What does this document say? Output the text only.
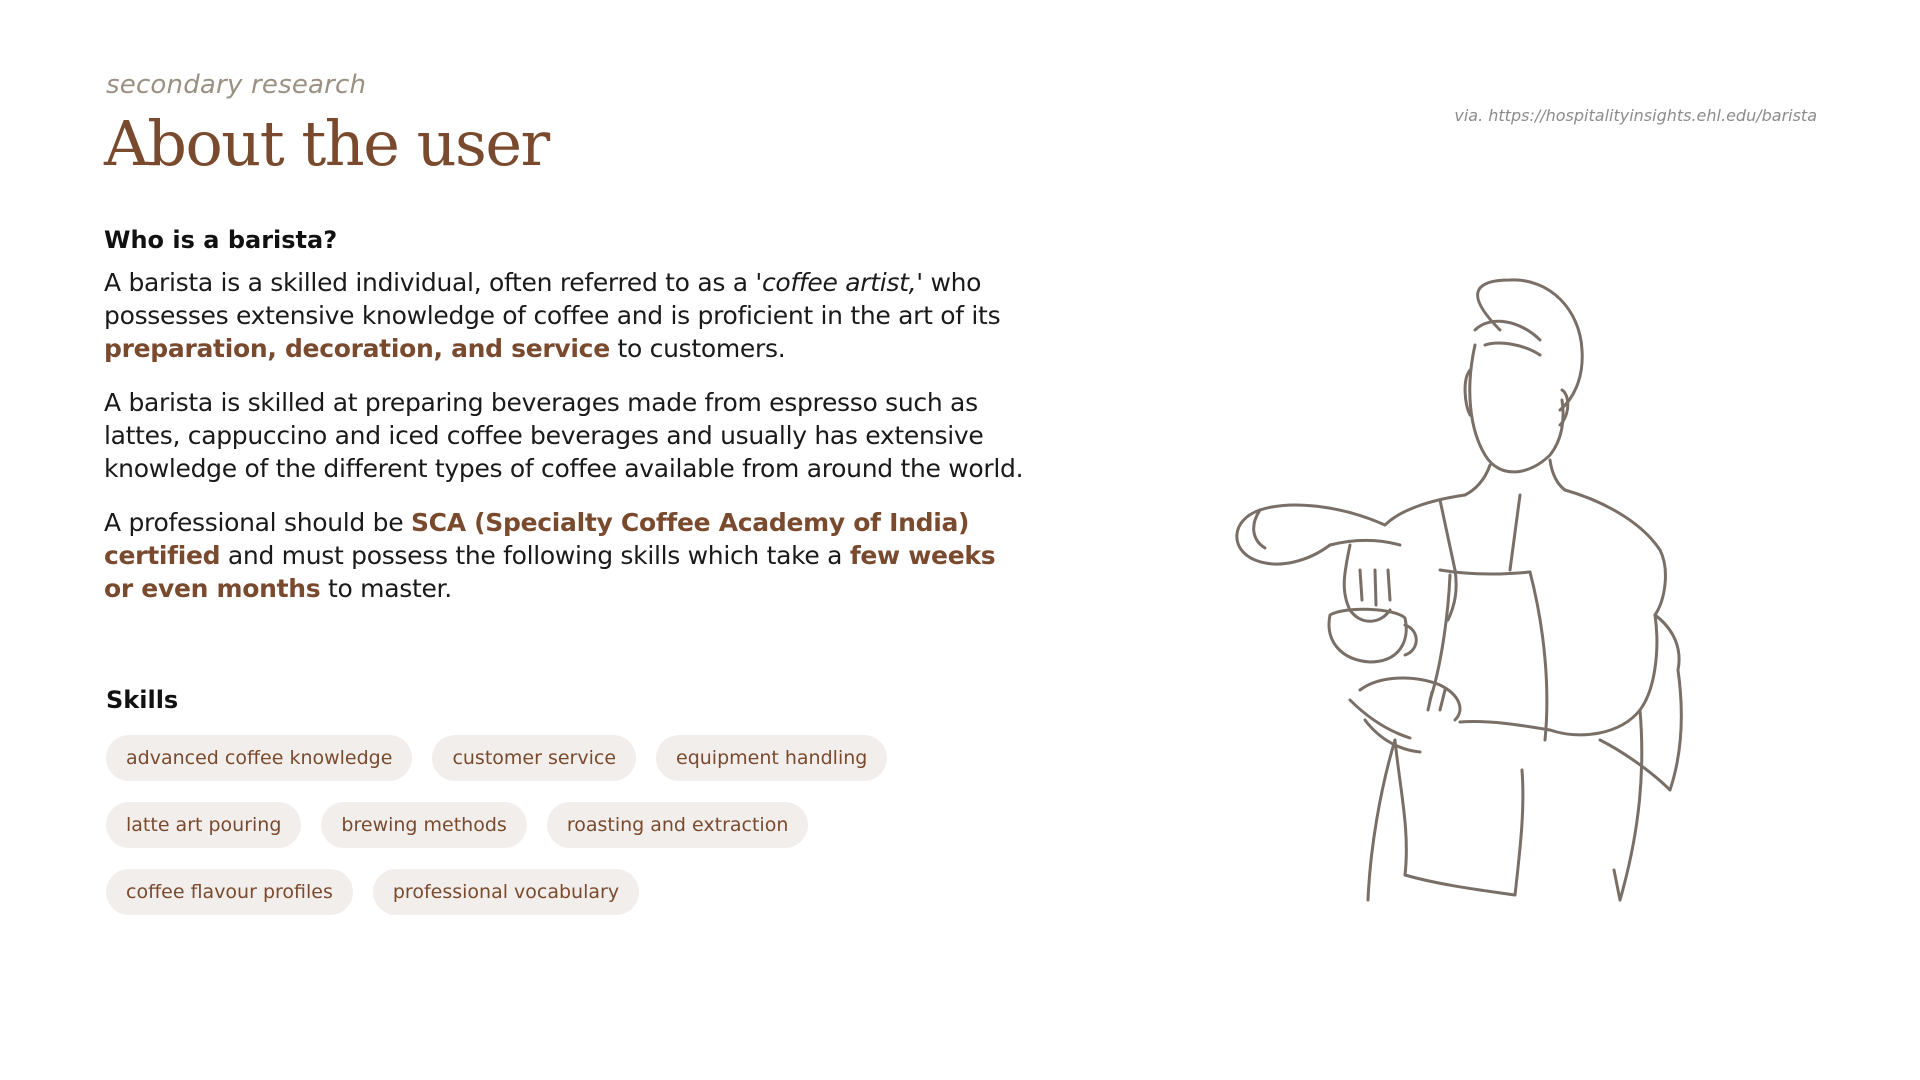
secondary research
About the user	via. https://hospitalityinsights.ehl.edu/barista
Who is a barista?

A barista is a skilled individual, often referred to as a 'coffee artist,' who possesses extensive knowledge of coffee and is proficient in the art of its preparation, decoration, and service to customers.

A barista is skilled at preparing beverages made from espresso such as lattes, cappuccino and iced coffee beverages and usually has extensive knowledge of the different types of coffee available from around the world.

A professional should be SCA (Specialty Coffee Academy of India) certified and must possess the following skills which take a few weeks or even months to master.

Skills
advanced coffee knowledge	customer service	equipment handling
latte art pouring	brewing methods	roasting and extraction
coffee flavour profiles	professional vocabulary
